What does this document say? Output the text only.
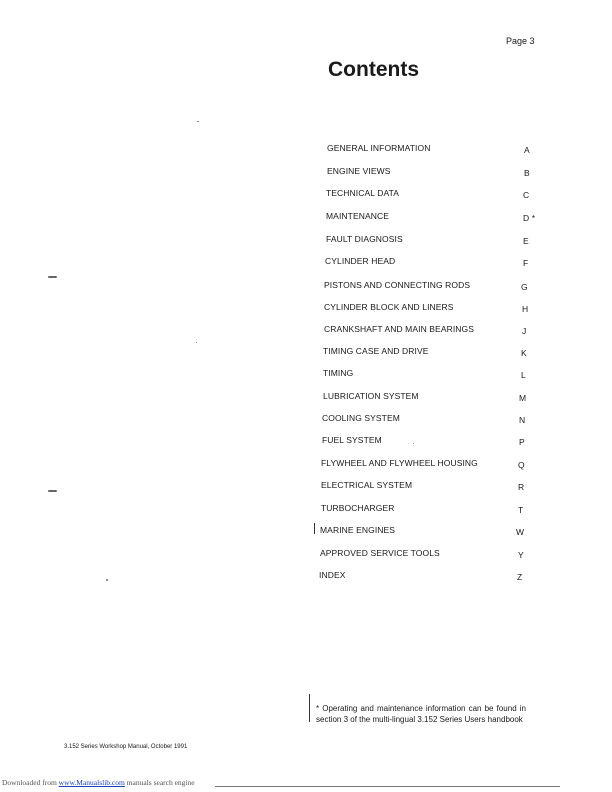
Page 3
Contents
GENERAL INFORMATION	A
ENGINE VIEWS	B
TECHNICAL DATA	C
MAINTENANCE	D *
FAULT DIAGNOSIS	E
CYLINDER HEAD	F
PISTONS AND CONNECTING RODS	G
CYLINDER BLOCK AND LINERS	H
CRANKSHAFT AND MAIN BEARINGS	J
TIMING CASE AND DRIVE	K
TIMING	L
LUBRICATION SYSTEM	M
COOLING SYSTEM	N
FUEL SYSTEM	P
FLYWHEEL AND FLYWHEEL HOUSING	Q
ELECTRICAL SYSTEM	R
TURBOCHARGER	T
MARINE ENGINES	W
APPROVED SERVICE TOOLS	Y
INDEX	Z

* Operating and maintenance information can be found in section 3 of the multi-lingual 3.152 Series Users handbook

3.152 Series Workshop Manual, October 1991
Downloaded from www.Manualslib.com manuals search engine
